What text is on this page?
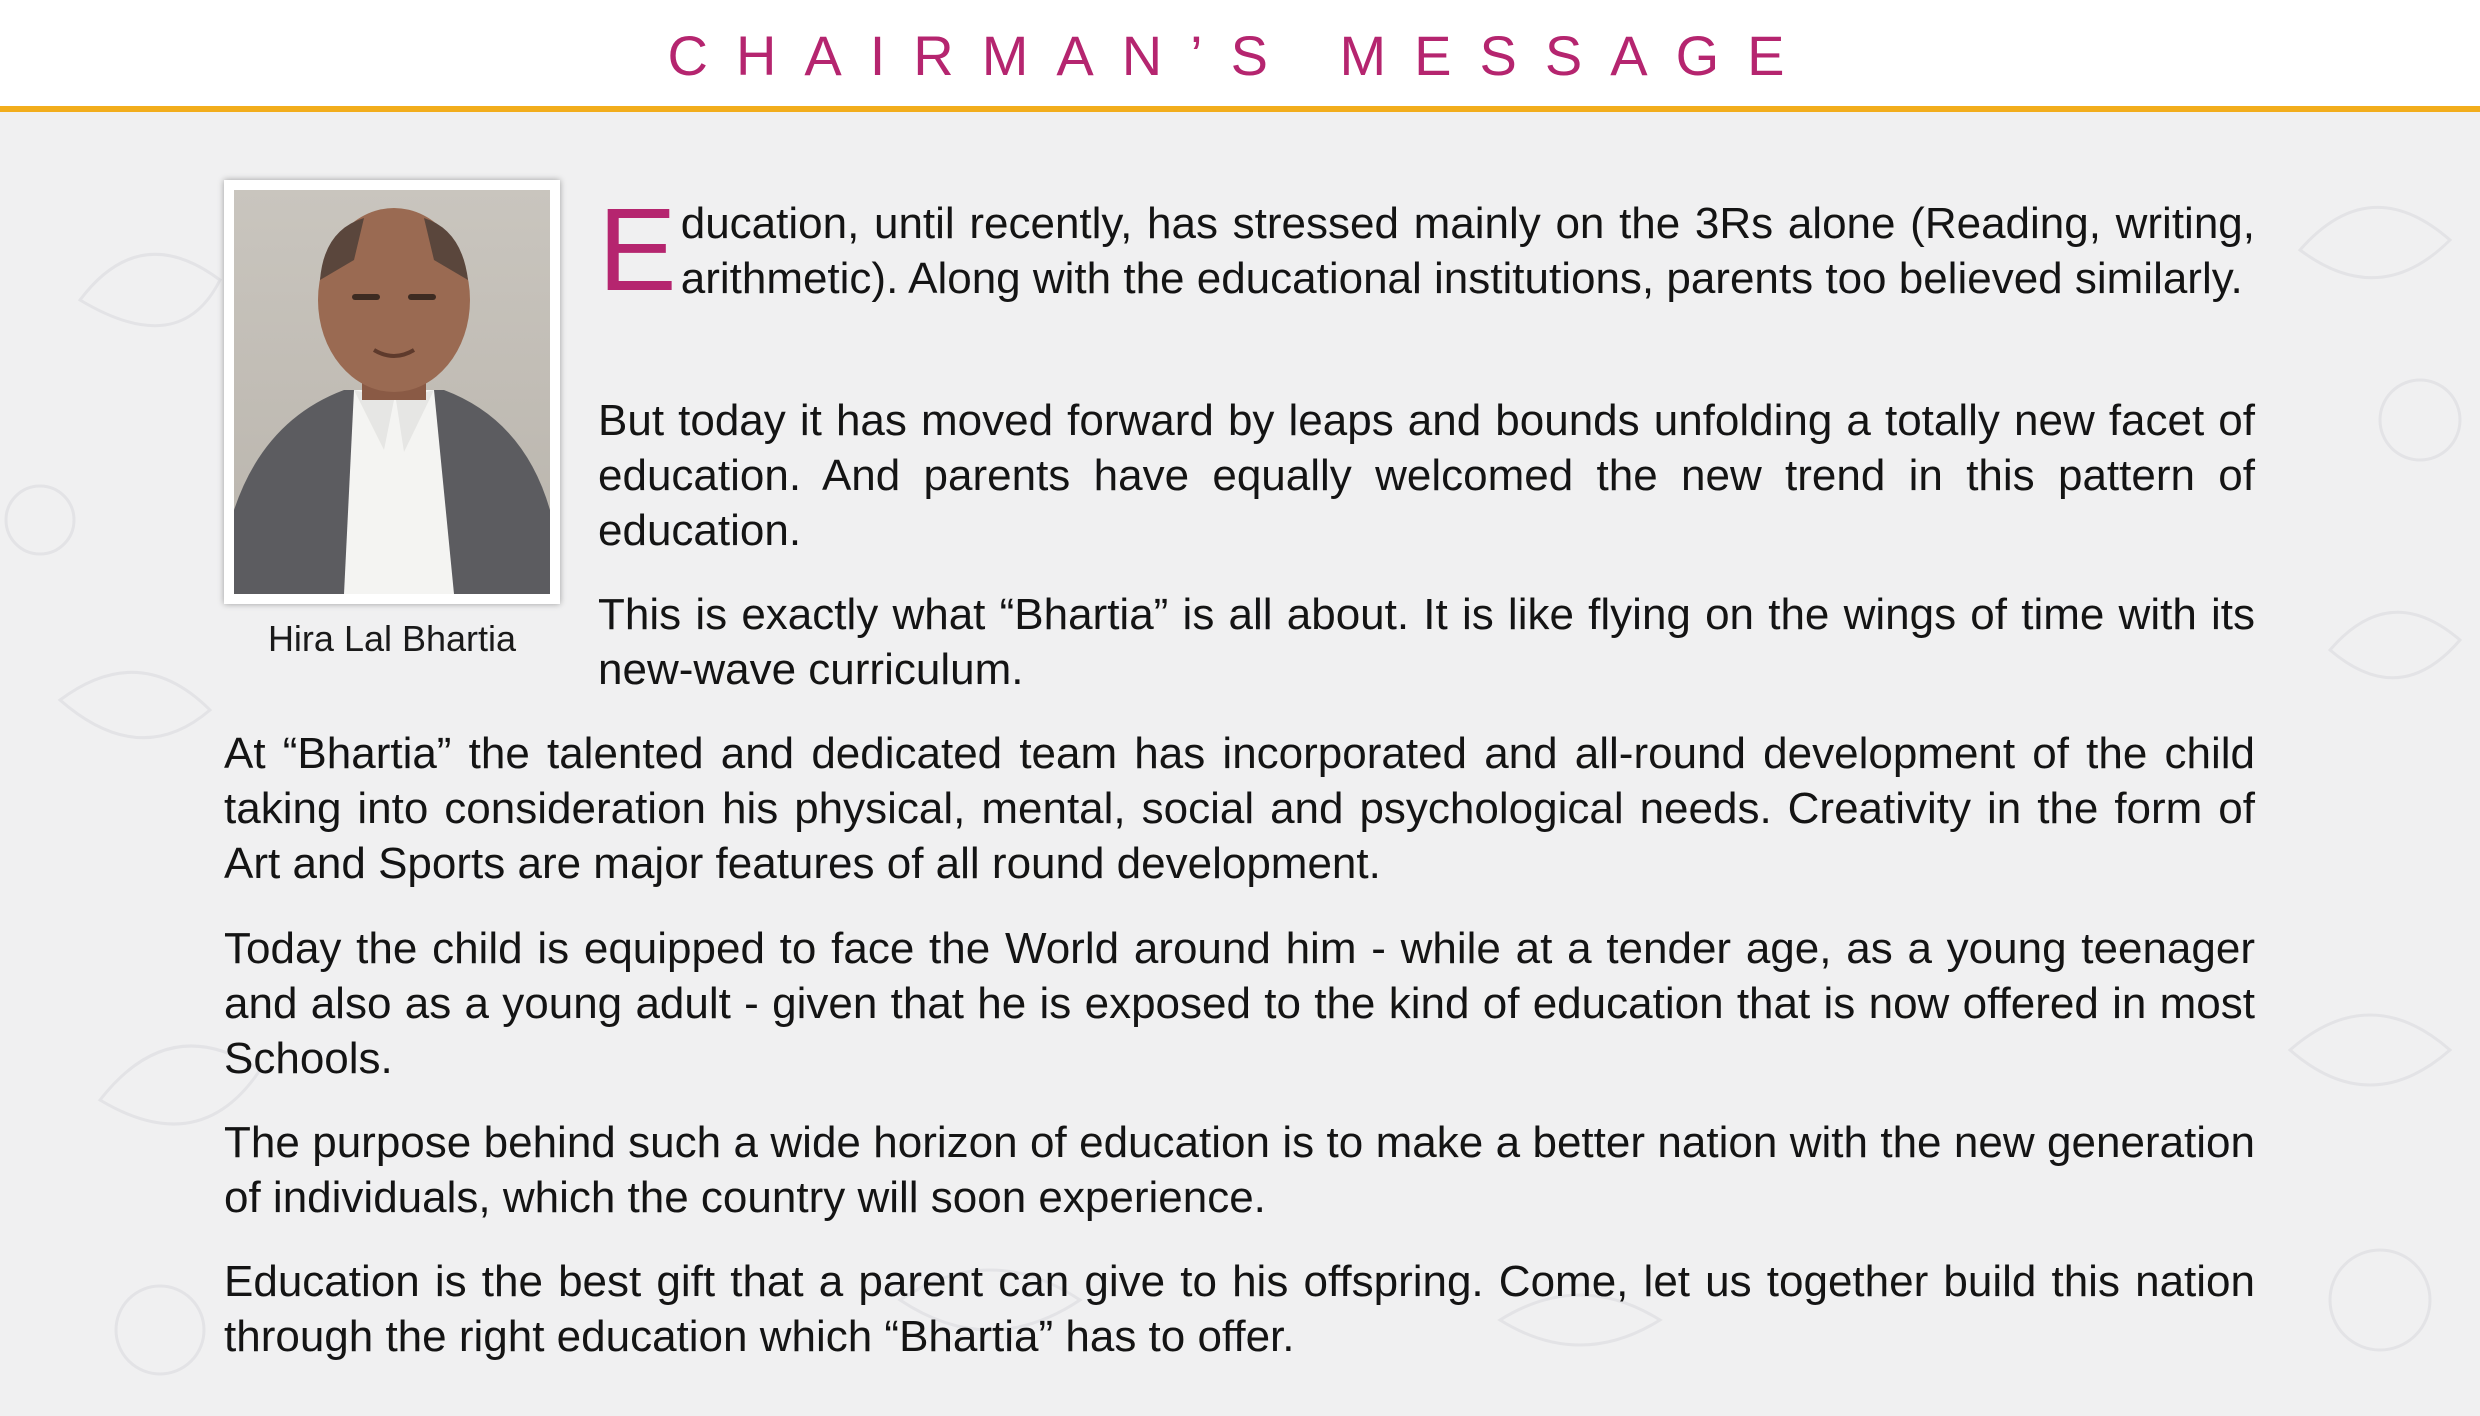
CHAIRMAN’S MESSAGE
Hira Lal Bhartia

Education, until recently, has stressed mainly on the 3Rs alone (Reading, writing, arithmetic). Along with the educational institutions, parents too believed similarly.

But today it has moved forward by leaps and bounds unfolding a totally new facet of education. And parents have equally welcomed the new trend in this pattern of education.

This is exactly what “Bhartia” is all about. It is like flying on the wings of time with its new-wave curriculum.

At “Bhartia” the talented and dedicated team has incorporated and all-round development of the child taking into consideration his physical, mental, social and psychological needs. Creativity in the form of Art and Sports are major features of all round development.

Today the child is equipped to face the World around him - while at a tender age, as a young teenager and also as a young adult - given that he is exposed to the kind of education that is now offered in most Schools.

The purpose behind such a wide horizon of education is to make a better nation with the new generation of individuals, which the country will soon experience.

Education is the best gift that a parent can give to his offspring. Come, let us together build this nation through the right education which “Bhartia” has to offer.
